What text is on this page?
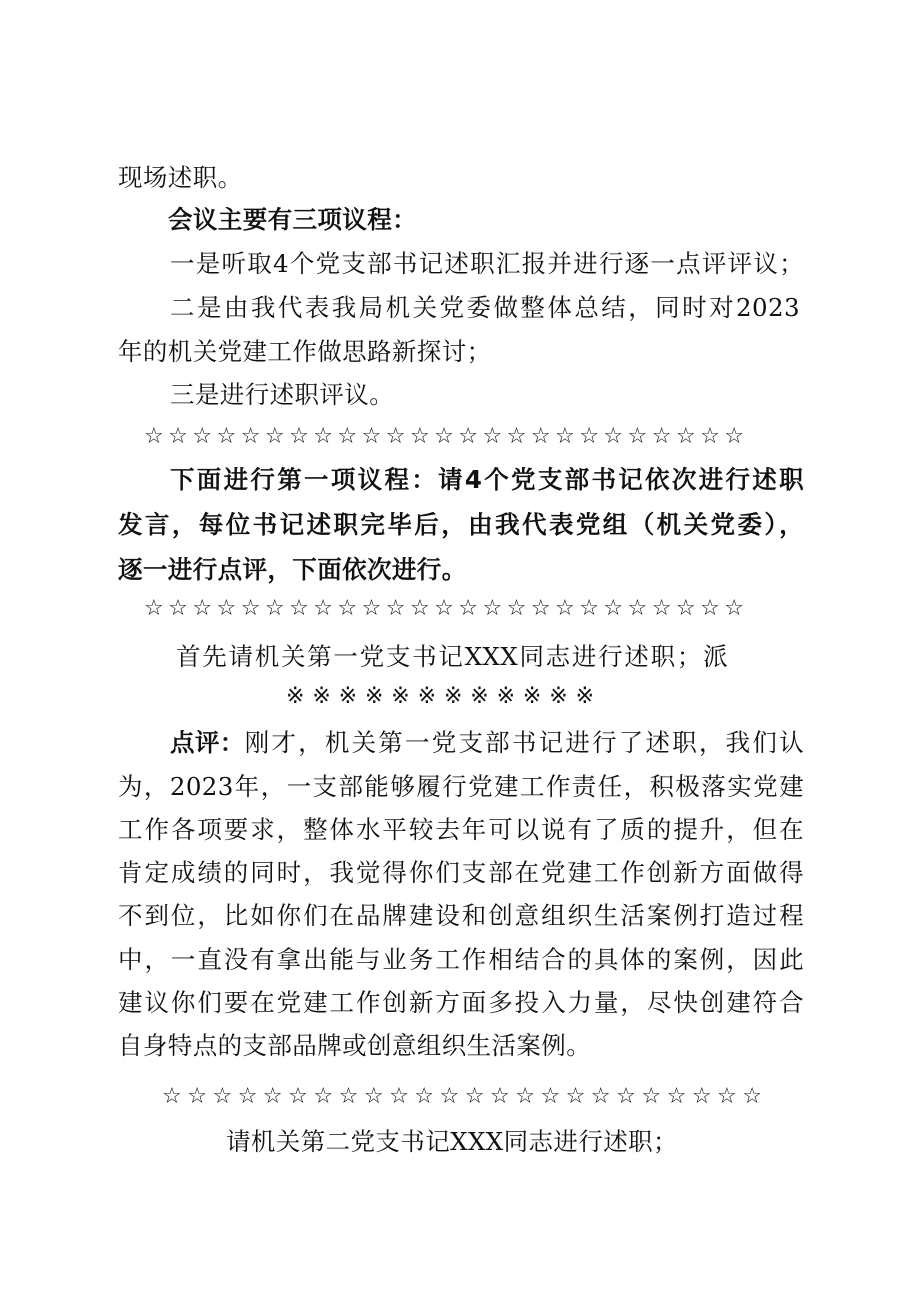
现场述职。
会议主要有三项议程：
一是听取4个党支部书记述职汇报并进行逐一点评评议；
二是由我代表我局机关党委做整体总结，同时对2023
年的机关党建工作做思路新探讨；
三是进行述职评议。
☆☆☆☆☆☆☆☆☆☆☆☆☆☆☆☆☆☆☆☆☆☆☆☆☆
下面进行第一项议程：请4个党支部书记依次进行述职
发言，每位书记述职完毕后，由我代表党组（机关党委），
逐一进行点评，下面依次进行。
☆☆☆☆☆☆☆☆☆☆☆☆☆☆☆☆☆☆☆☆☆☆☆☆☆
首先请机关第一党支书记XXX同志进行述职；派
※※※※※※※※※※※※
点评： 刚才，机关第一党支部书记进行了述职，我们认
为，2023年，一支部能够履行党建工作责任，积极落实党建
工作各项要求，整体水平较去年可以说有了质的提升，但在
肯定成绩的同时，我觉得你们支部在党建工作创新方面做得
不到位，比如你们在品牌建设和创意组织生活案例打造过程
中，一直没有拿出能与业务工作相结合的具体的案例，因此
建议你们要在党建工作创新方面多投入力量，尽快创建符合
自身特点的支部品牌或创意组织生活案例。
☆☆☆☆☆☆☆☆☆☆☆☆☆☆☆☆☆☆☆☆☆☆☆☆
请机关第二党支书记XXX同志进行述职；
